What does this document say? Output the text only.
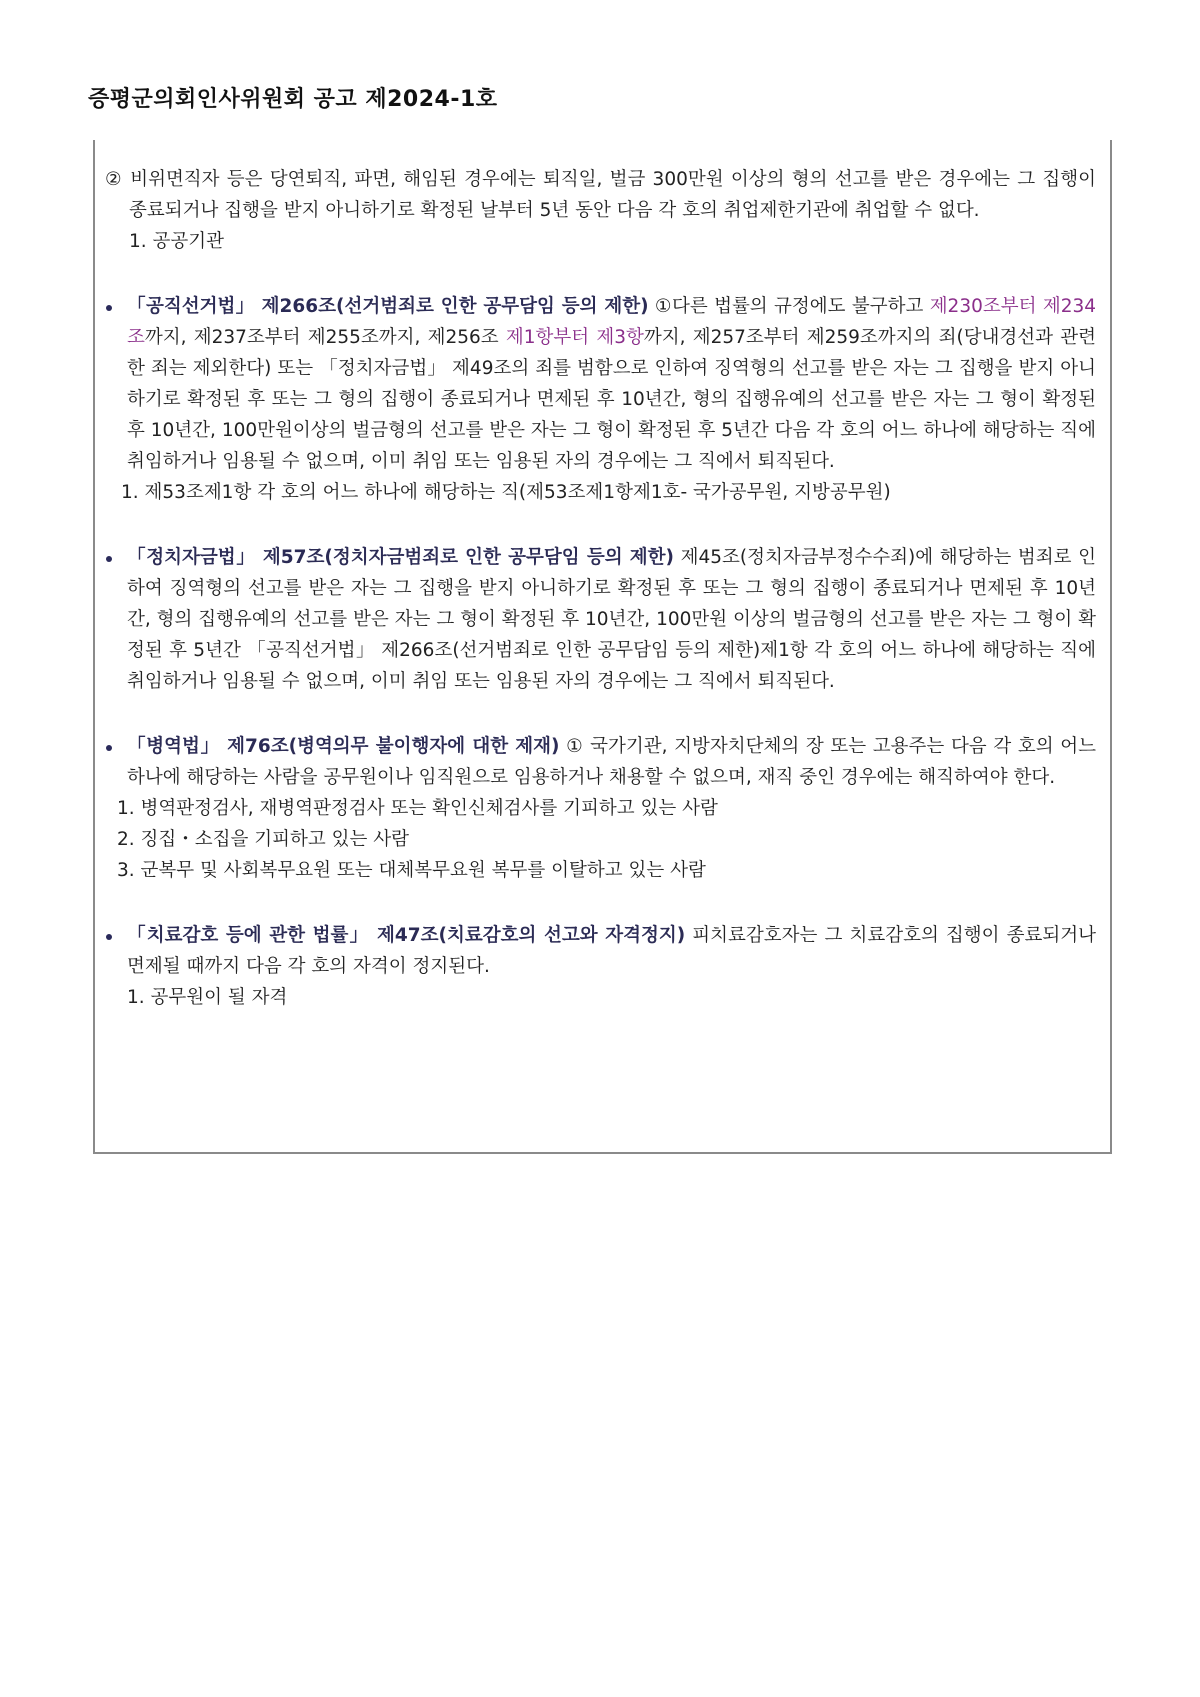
증평군의회인사위원회 공고 제2024-1호

② 비위면직자 등은 당연퇴직, 파면, 해임된 경우에는 퇴직일, 벌금 300만원 이상의 형의 선고를 받은 경우에는 그 집행이 종료되거나 집행을 받지 아니하기로 확정된 날부터 5년 동안 다음 각 호의 취업제한기관에 취업할 수 없다.

1. 공공기관

「공직선거법」 제266조(선거범죄로 인한 공무담임 등의 제한) ①다른 법률의 규정에도 불구하고 제230조부터 제234조까지, 제237조부터 제255조까지, 제256조 제1항부터 제3항까지, 제257조부터 제259조까지의 죄(당내경선과 관련한 죄는 제외한다) 또는 「정치자금법」 제49조의 죄를 범함으로 인하여 징역형의 선고를 받은 자는 그 집행을 받지 아니하기로 확정된 후 또는 그 형의 집행이 종료되거나 면제된 후 10년간, 형의 집행유예의 선고를 받은 자는 그 형이 확정된 후 10년간, 100만원이상의 벌금형의 선고를 받은 자는 그 형이 확정된 후 5년간 다음 각 호의 어느 하나에 해당하는 직에 취임하거나 임용될 수 없으며, 이미 취임 또는 임용된 자의 경우에는 그 직에서 퇴직된다.

1. 제53조제1항 각 호의 어느 하나에 해당하는 직(제53조제1항제1호- 국가공무원, 지방공무원)

「정치자금법」 제57조(정치자금범죄로 인한 공무담임 등의 제한) 제45조(정치자금부정수수죄)에 해당하는 범죄로 인하여 징역형의 선고를 받은 자는 그 집행을 받지 아니하기로 확정된 후 또는 그 형의 집행이 종료되거나 면제된 후 10년간, 형의 집행유예의 선고를 받은 자는 그 형이 확정된 후 10년간, 100만원 이상의 벌금형의 선고를 받은 자는 그 형이 확정된 후 5년간 「공직선거법」 제266조(선거범죄로 인한 공무담임 등의 제한)제1항 각 호의 어느 하나에 해당하는 직에 취임하거나 임용될 수 없으며, 이미 취임 또는 임용된 자의 경우에는 그 직에서 퇴직된다.

「병역법」 제76조(병역의무 불이행자에 대한 제재) ① 국가기관, 지방자치단체의 장 또는 고용주는 다음 각 호의 어느 하나에 해당하는 사람을 공무원이나 임직원으로 임용하거나 채용할 수 없으며, 재직 중인 경우에는 해직하여야 한다.

1. 병역판정검사, 재병역판정검사 또는 확인신체검사를 기피하고 있는 사람

2. 징집・소집을 기피하고 있는 사람

3. 군복무 및 사회복무요원 또는 대체복무요원 복무를 이탈하고 있는 사람

「치료감호 등에 관한 법률」 제47조(치료감호의 선고와 자격정지) 피치료감호자는 그 치료감호의 집행이 종료되거나 면제될 때까지 다음 각 호의 자격이 정지된다.

1. 공무원이 될 자격
